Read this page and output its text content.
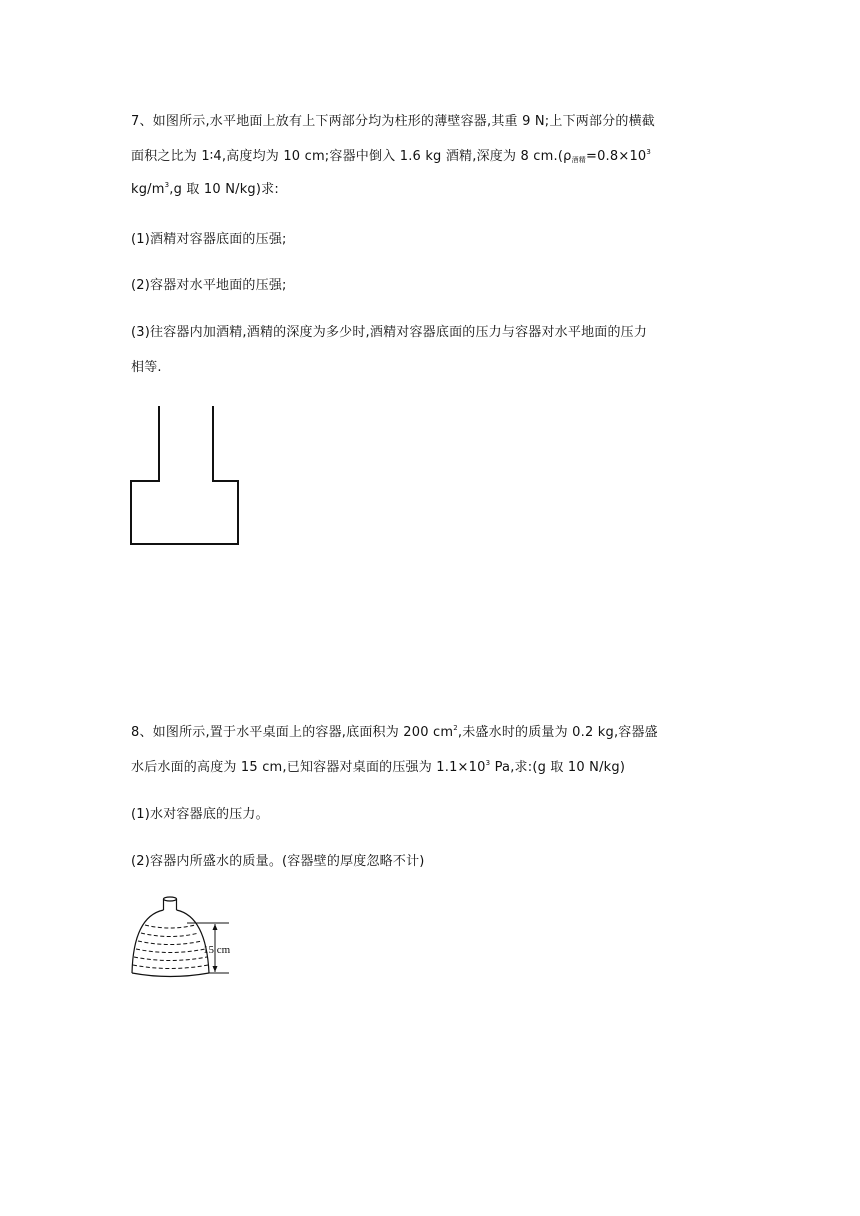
7、如图所示,水平地面上放有上下两部分均为柱形的薄壁容器,其重 9 N;上下两部分的横截
面积之比为 1∶4,高度均为 10 cm;容器中倒入 1.6 kg 酒精,深度为 8 $cm.(\rho_{酒精}=0.8\times 10^3$
$kg/m^3,g$ 取 10 N/kg)求:
(1)酒精对容器底面的压强;
(2)容器对水平地面的压强;
(3)往容器内加酒精,酒精的深度为多少时,酒精对容器底面的压力与容器对水平地面的压力
相等.
8、如图所示,置于水平桌面上的容器,底面积为 200 $cm^2$,未盛水时的质量为 0.2 kg,容器盛
水后水面的高度为 15 cm,已知容器对桌面的压强为 $1.1\times 10^3$ Pa,求:(g 取 10 N/kg)
(1)水对容器底的压力。
(2)容器内所盛水的质量。(容器壁的厚度忽略不计)
15 cm
